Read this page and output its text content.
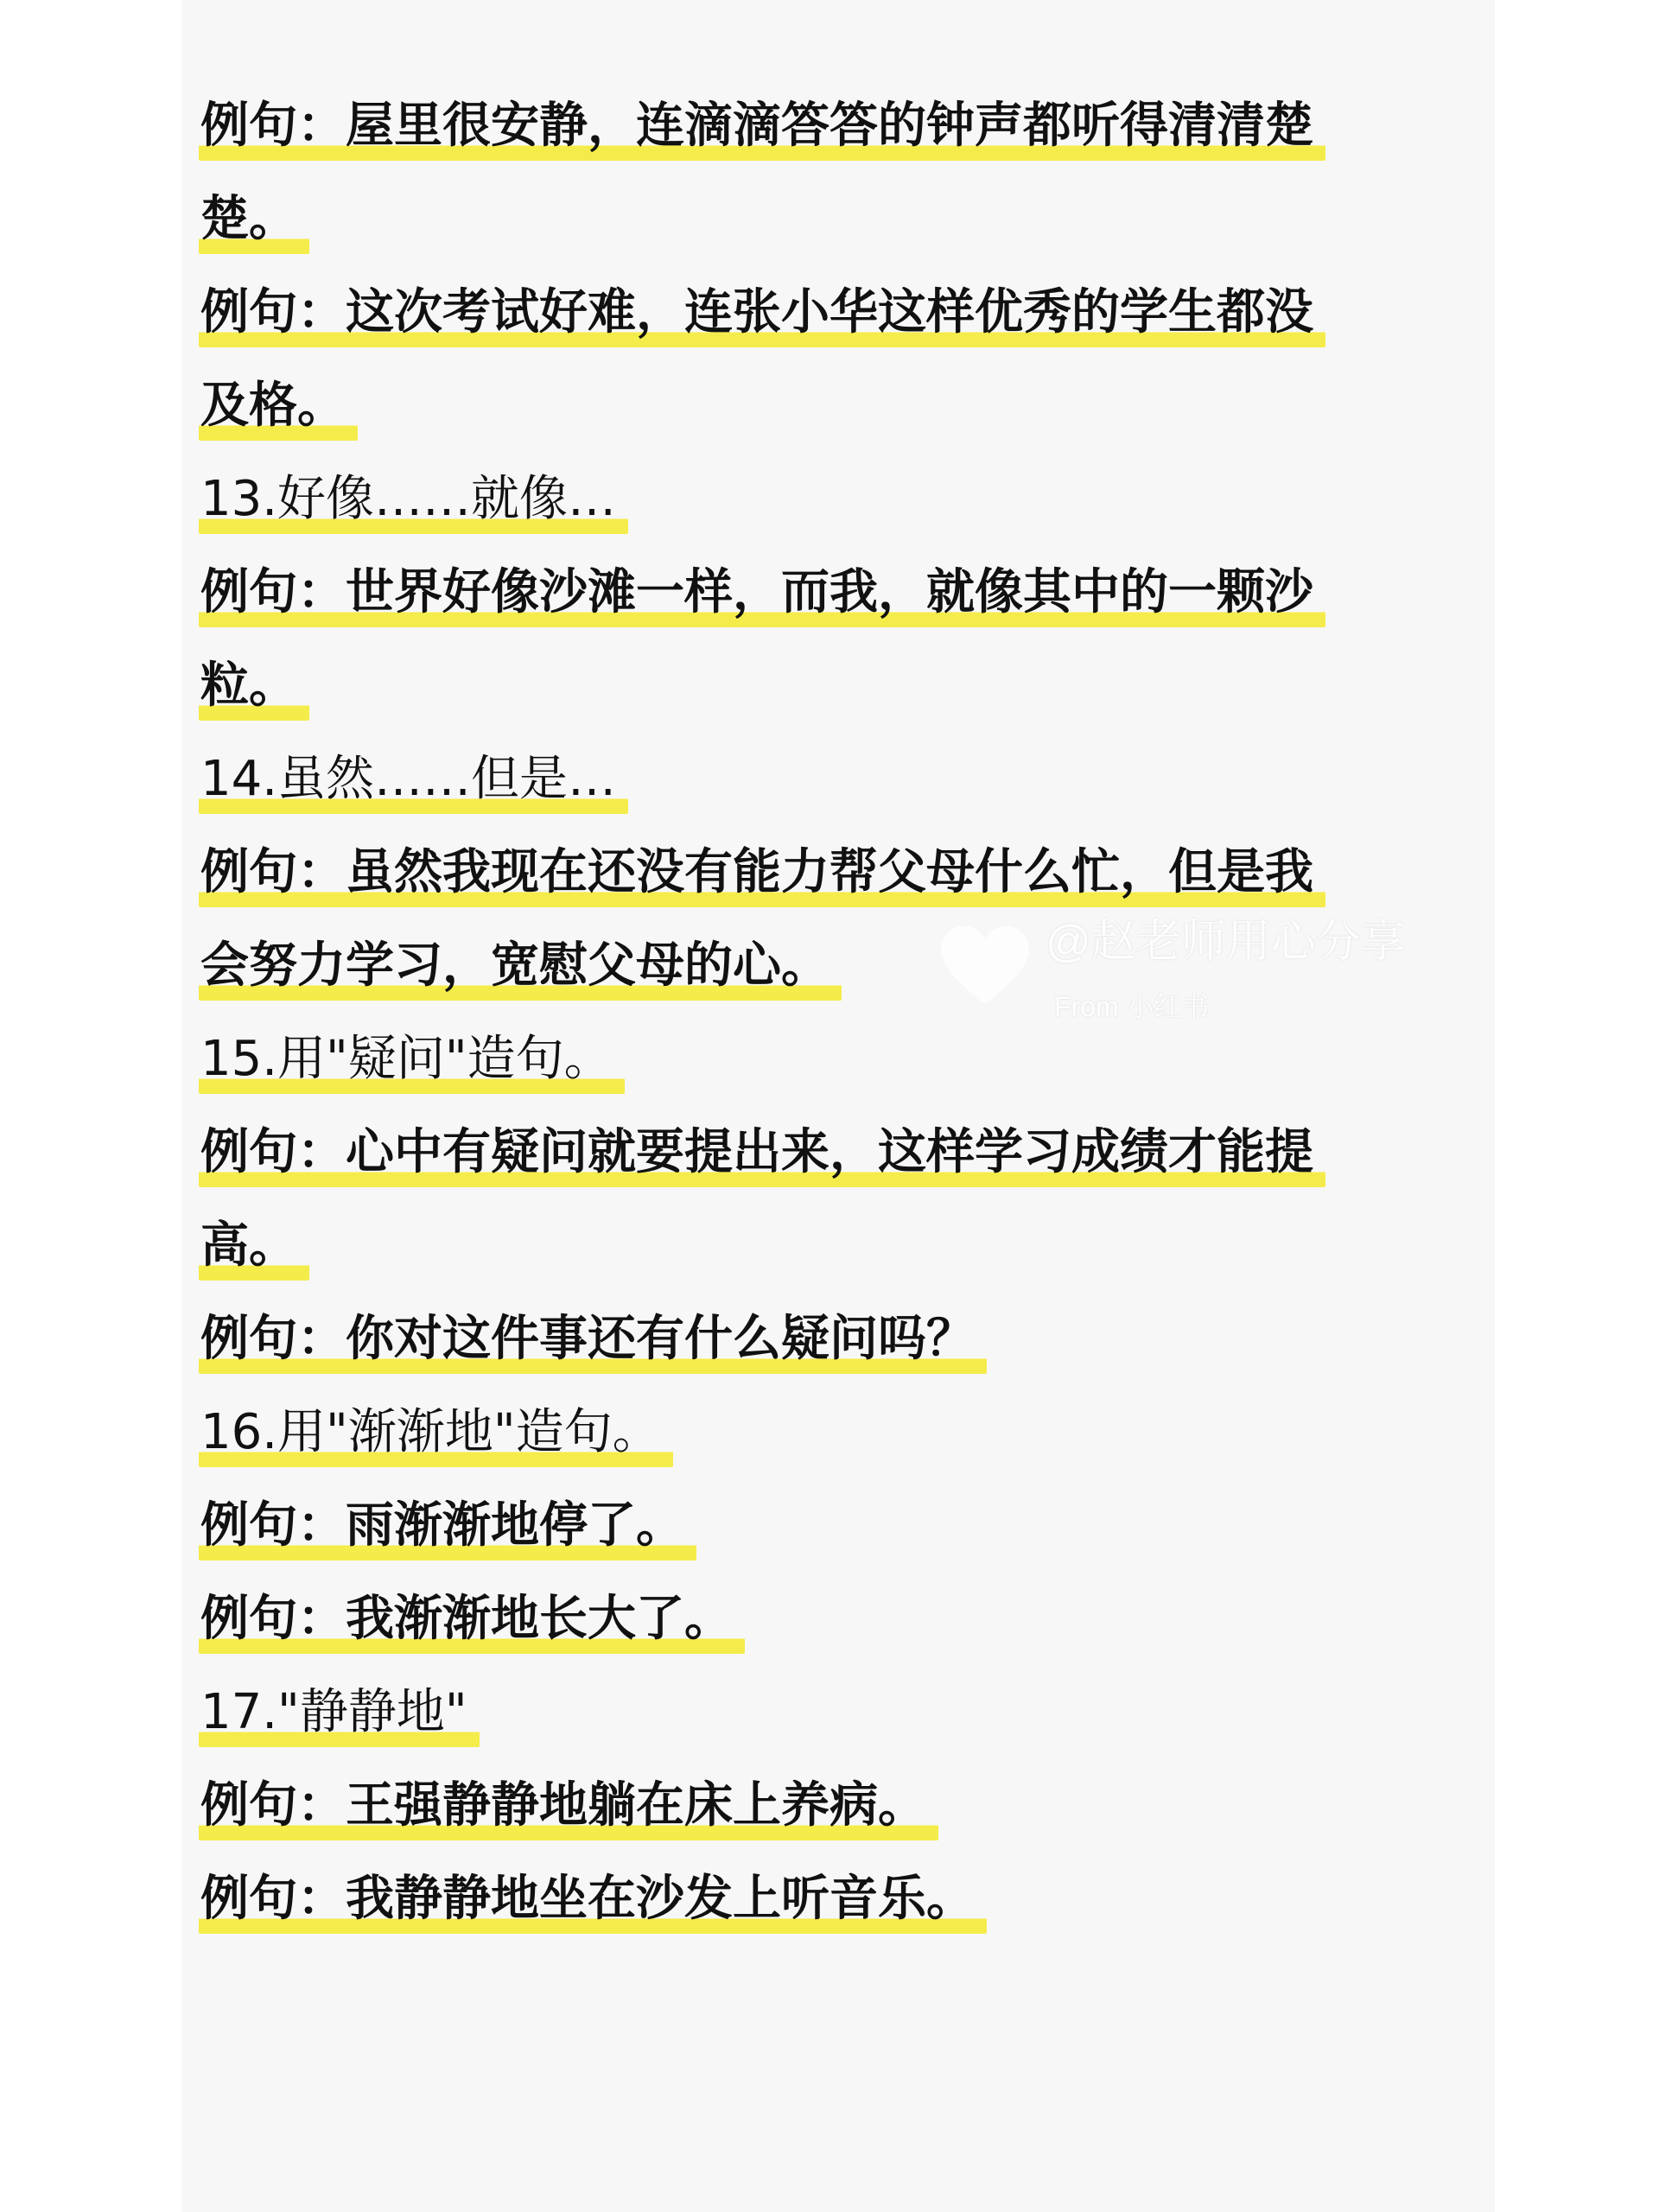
例句：屋里很安静，连滴滴答答的钟声都听得清清楚
楚。
例句：这次考试好难，连张小华这样优秀的学生都没
及格。
13.好像……就像…
例句：世界好像沙滩一样，而我，就像其中的一颗沙
粒。
14.虽然……但是…
例句：虽然我现在还没有能力帮父母什么忙，但是我
会努力学习，宽慰父母的心。
15.用"疑问"造句。
例句：心中有疑问就要提出来，这样学习成绩才能提
高。
例句：你对这件事还有什么疑问吗？
16.用"渐渐地"造句。
例句：雨渐渐地停了。
例句：我渐渐地长大了。
17."静静地"
例句：王强静静地躺在床上养病。
例句：我静静地坐在沙发上听音乐。
@赵老师用心分享
From 小红书
